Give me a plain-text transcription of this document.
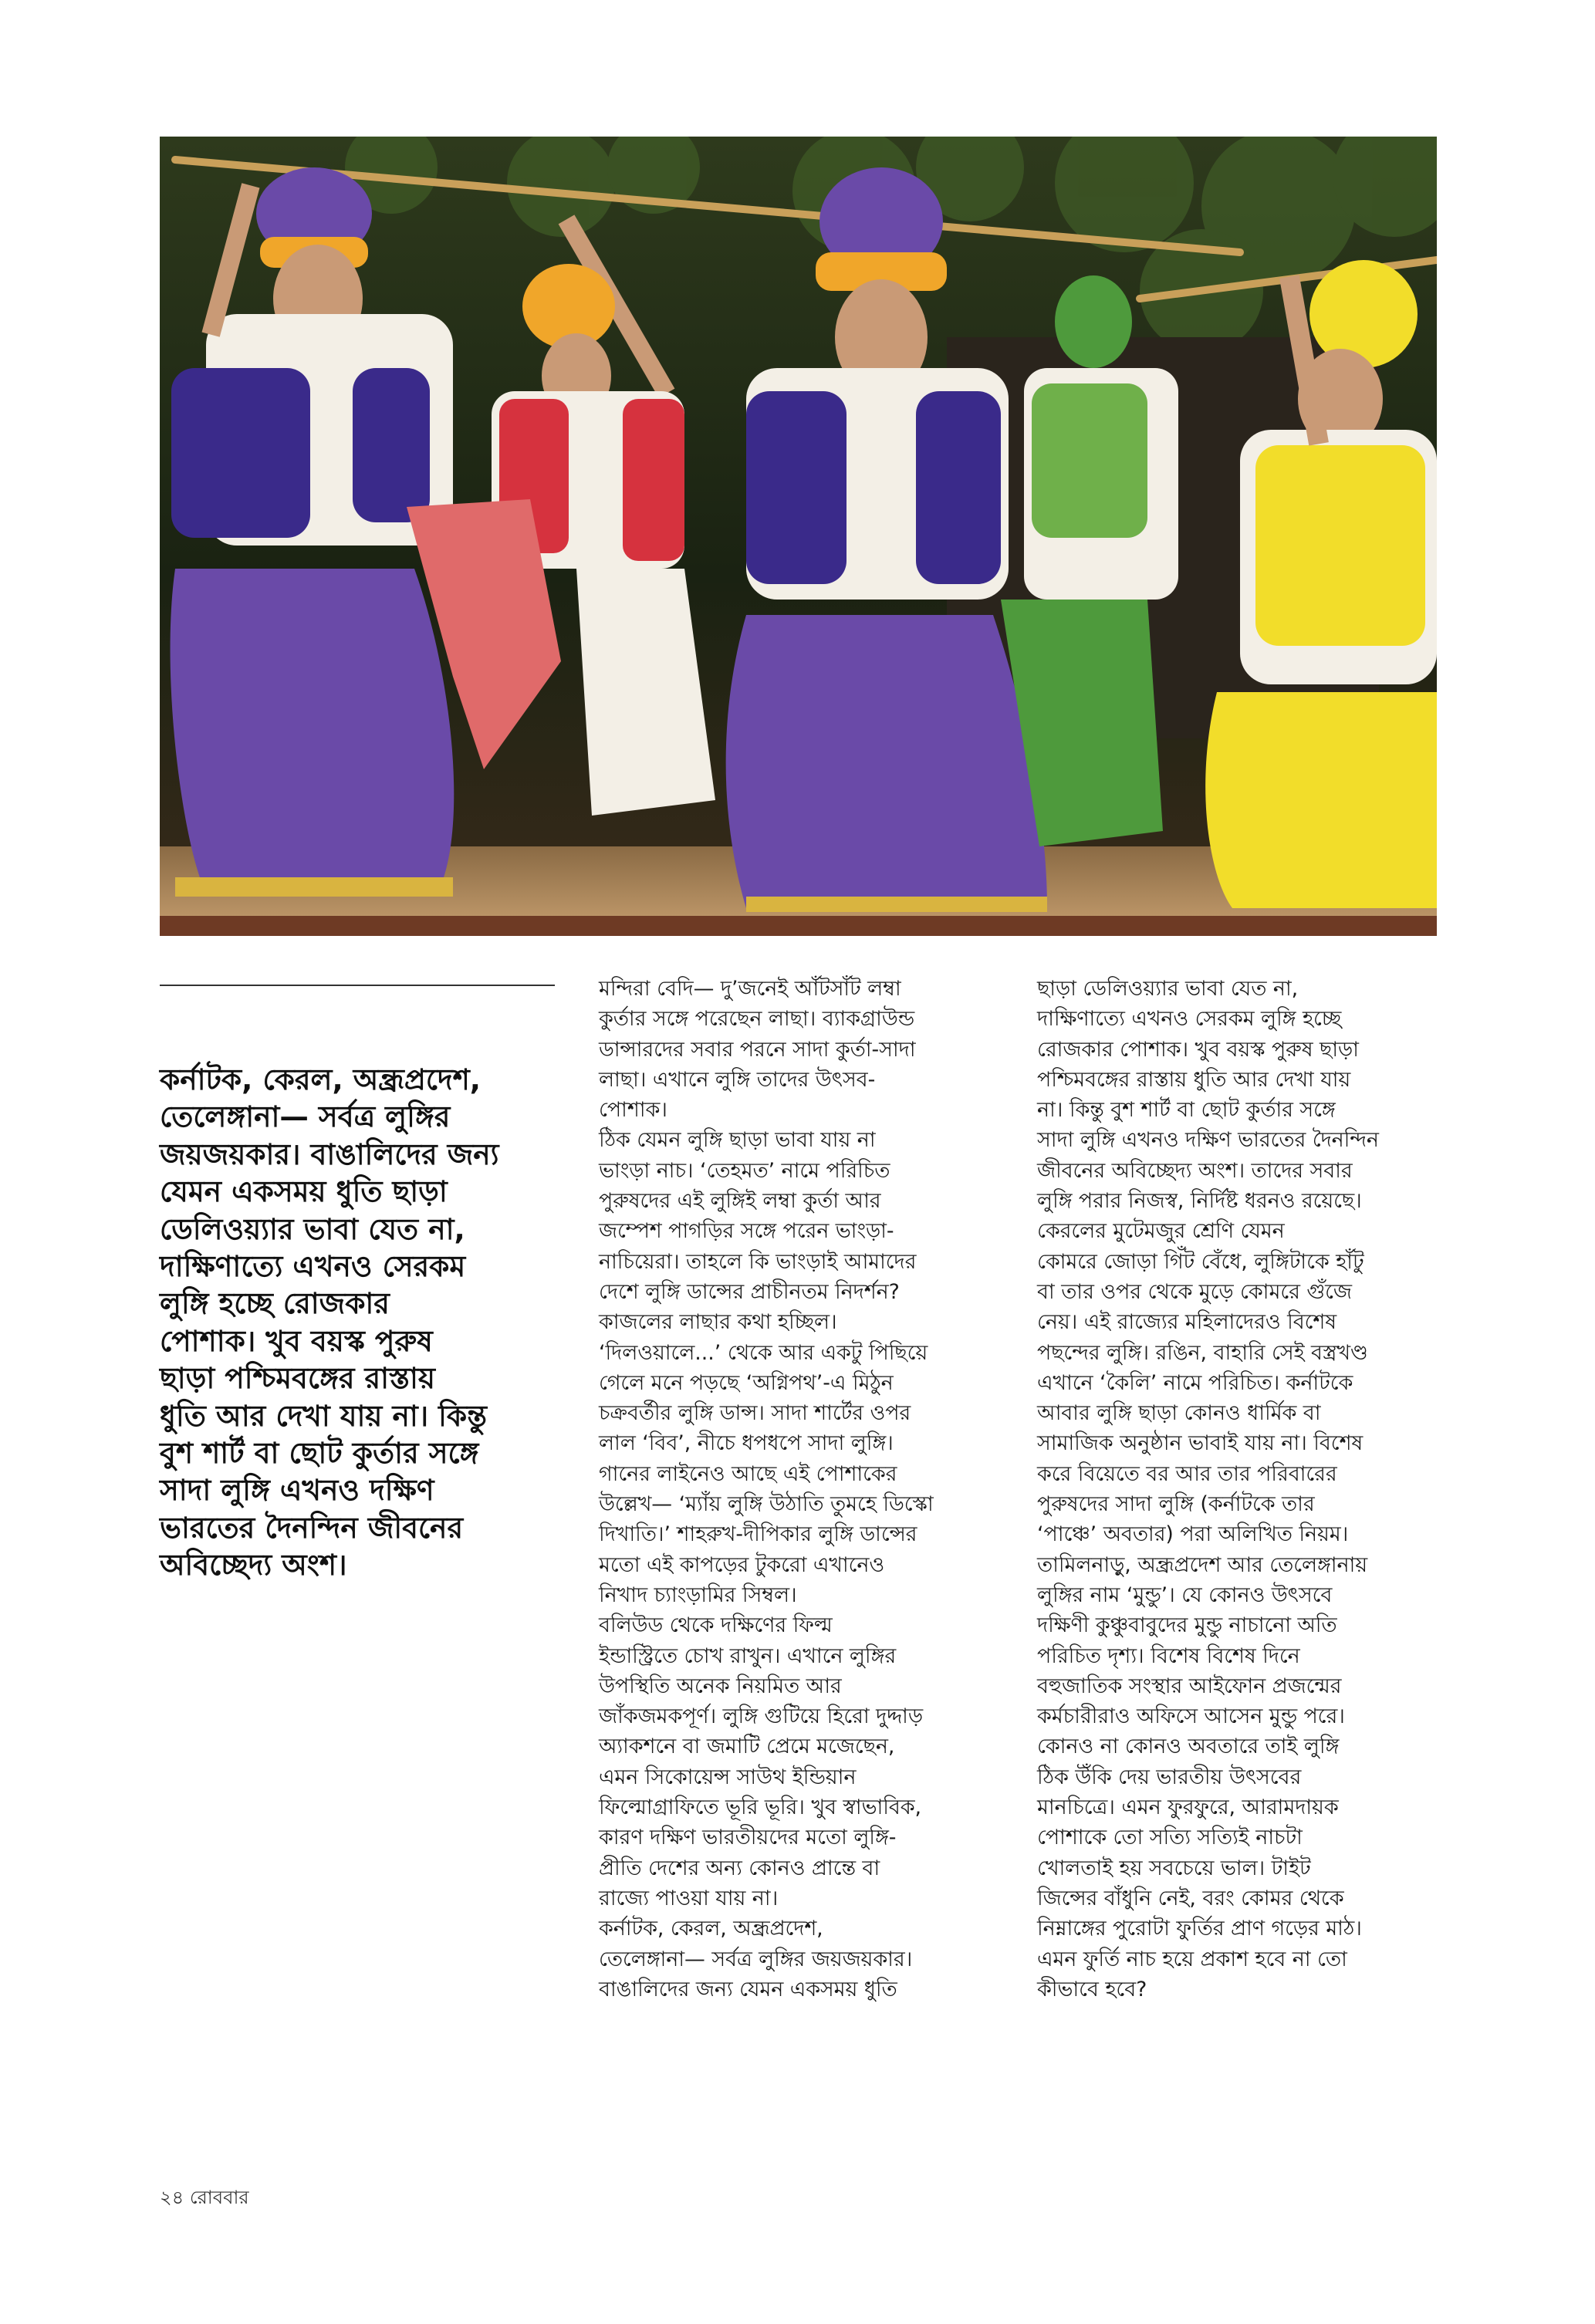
কর্নাটক, কেরল, অন্ধ্রপ্রদেশ,
তেলেঙ্গানা— সর্বত্র লুঙ্গির
জয়জয়কার। বাঙালিদের জন্য
যেমন একসময় ধুতি ছাড়া
ডেলিওয়্যার ভাবা যেত না,
দাক্ষিণাত্যে এখনও সেরকম
লুঙ্গি হচ্ছে রোজকার
পোশাক। খুব বয়স্ক পুরুষ
ছাড়া পশ্চিমবঙ্গের রাস্তায়
ধুতি আর দেখা যায় না। কিন্তু
বুশ শার্ট বা ছোট কুর্তার সঙ্গে
সাদা লুঙ্গি এখনও দক্ষিণ
ভারতের দৈনন্দিন জীবনের
অবিচ্ছেদ্য অংশ।
মন্দিরা বেদি— দু’জনেই আঁটসাঁট লম্বা
কুর্তার সঙ্গে পরেছেন লাছা। ব্যাকগ্রাউন্ড
ডান্সারদের সবার পরনে সাদা কুর্তা-সাদা
লাছা। এখানে লুঙ্গি তাদের উৎসব-
পোশাক।
ঠিক যেমন লুঙ্গি ছাড়া ভাবা যায় না
ভাংড়া নাচ। ‘তেহমত’ নামে পরিচিত
পুরুষদের এই লুঙ্গিই লম্বা কুর্তা আর
জম্পেশ পাগড়ির সঙ্গে পরেন ভাংড়া-
নাচিয়েরা। তাহলে কি ভাংড়াই আমাদের
দেশে লুঙ্গি ডান্সের প্রাচীনতম নিদর্শন?
কাজলের লাছার কথা হচ্ছিল।
‘দিলওয়ালে...’ থেকে আর একটু পিছিয়ে
গেলে মনে পড়ছে ‘অগ্নিপথ’-এ মিঠুন
চক্রবর্তীর লুঙ্গি ডান্স। সাদা শার্টের ওপর
লাল ‘বিব’, নীচে ধপধপে সাদা লুঙ্গি।
গানের লাইনেও আছে এই পোশাকের
উল্লেখ— ‘ম্যাঁয় লুঙ্গি উঠাতি তুমহে ডিস্কো
দিখাতি।’ শাহরুখ-দীপিকার লুঙ্গি ডান্সের
মতো এই কাপড়ের টুকরো এখানেও
নিখাদ চ্যাংড়ামির সিম্বল।
বলিউড থেকে দক্ষিণের ফিল্ম
ইন্ডাস্ট্রিতে চোখ রাখুন। এখানে লুঙ্গির
উপস্থিতি অনেক নিয়মিত আর
জাঁকজমকপূর্ণ। লুঙ্গি গুটিয়ে হিরো দুদ্দাড়
অ্যাকশনে বা জমাটি প্রেমে মজেছেন,
এমন সিকোয়েন্স সাউথ ইন্ডিয়ান
ফিল্মোগ্রাফিতে ভূরি ভূরি। খুব স্বাভাবিক,
কারণ দক্ষিণ ভারতীয়দের মতো লুঙ্গি-
প্রীতি দেশের অন্য কোনও প্রান্তে বা
রাজ্যে পাওয়া যায় না।
কর্নাটক, কেরল, অন্ধ্রপ্রদেশ,
তেলেঙ্গানা— সর্বত্র লুঙ্গির জয়জয়কার।
বাঙালিদের জন্য যেমন একসময় ধুতি
ছাড়া ডেলিওয়্যার ভাবা যেত না,
দাক্ষিণাত্যে এখনও সেরকম লুঙ্গি হচ্ছে
রোজকার পোশাক। খুব বয়স্ক পুরুষ ছাড়া
পশ্চিমবঙ্গের রাস্তায় ধুতি আর দেখা যায়
না। কিন্তু বুশ শার্ট বা ছোট কুর্তার সঙ্গে
সাদা লুঙ্গি এখনও দক্ষিণ ভারতের দৈনন্দিন
জীবনের অবিচ্ছেদ্য অংশ। তাদের সবার
লুঙ্গি পরার নিজস্ব, নির্দিষ্ট ধরনও রয়েছে।
কেরলের মুটেমজুর শ্রেণি যেমন
কোমরে জোড়া গিঁট বেঁধে, লুঙ্গিটাকে হাঁটু
বা তার ওপর থেকে মুড়ে কোমরে গুঁজে
নেয়। এই রাজ্যের মহিলাদেরও বিশেষ
পছন্দের লুঙ্গি। রঙিন, বাহারি সেই বস্ত্রখণ্ড
এখানে ‘কৈলি’ নামে পরিচিত। কর্নাটকে
আবার লুঙ্গি ছাড়া কোনও ধার্মিক বা
সামাজিক অনুষ্ঠান ভাবাই যায় না। বিশেষ
করে বিয়েতে বর আর তার পরিবারের
পুরুষদের সাদা লুঙ্গি (কর্নাটকে তার
‘পাঞ্চে’ অবতার) পরা অলিখিত নিয়ম।
তামিলনাড়ু, অন্ধ্রপ্রদেশ আর তেলেঙ্গানায়
লুঙ্গির নাম ‘মুন্ডু’। যে কোনও উৎসবে
দক্ষিণী কুঞ্চুবাবুদের মুন্ডু নাচানো অতি
পরিচিত দৃশ্য। বিশেষ বিশেষ দিনে
বহুজাতিক সংস্থার আইফোন প্রজন্মের
কর্মচারীরাও অফিসে আসেন মুন্ডু পরে।
কোনও না কোনও অবতারে তাই লুঙ্গি
ঠিক উঁকি দেয় ভারতীয় উৎসবের
মানচিত্রে। এমন ফুরফুরে, আরামদায়ক
পোশাকে তো সত্যি সত্যিই নাচটা
খোলতাই হয় সবচেয়ে ভাল। টাইট
জিন্সের বাঁধুনি নেই, বরং কোমর থেকে
নিম্নাঙ্গের পুরোটা ফুর্তির প্রাণ গড়ের মাঠ।
এমন ফুর্তি নাচ হয়ে প্রকাশ হবে না তো
কীভাবে হবে?
২৪ রোববার
